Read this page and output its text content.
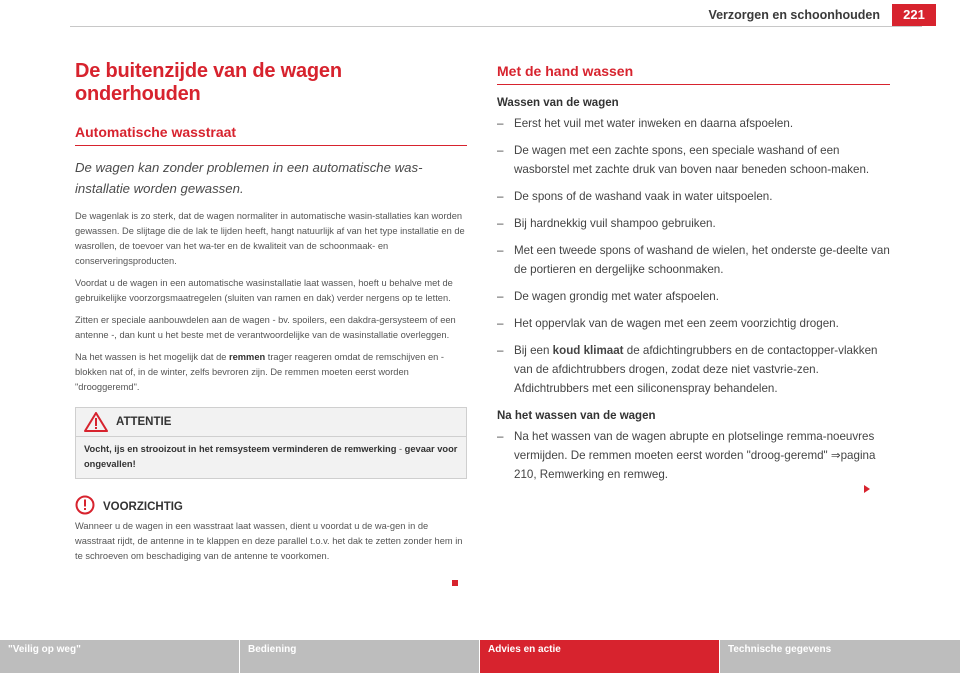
Verzorgen en schoonhouden	221
De buitenzijde van de wagen onderhouden
Automatische wasstraat

De wagen kan zonder problemen in een automatische was-installatie worden gewassen.

De wagenlak is zo sterk, dat de wagen normaliter in automatische wasin-stallaties kan worden gewassen. De slijtage die de lak te lijden heeft, hangt natuurlijk af van het type installatie en de wasrollen, de toevoer van het wa-ter en de kwaliteit van de schoonmaak- en conserveringsproducten.

Voordat u de wagen in een automatische wasinstallatie laat wassen, hoeft u behalve met de gebruikelijke voorzorgsmaatregelen (sluiten van ramen en dak) verder nergens op te letten.

Zitten er speciale aanbouwdelen aan de wagen - bv. spoilers, een dakdra-gersysteem of een antenne -, dan kunt u het beste met de verantwoordelijke van de wasinstallatie overleggen.

Na het wassen is het mogelijk dat de remmen trager reageren omdat de remschijven en -blokken nat of, in de winter, zelfs bevroren zijn. De remmen moeten eerst worden "drooggeremd".

ATTENTIE
Vocht, ijs en strooizout in het remsysteem verminderen de remwerking - gevaar voor ongevallen!
VOORZICHTIG
Wanneer u de wagen in een wasstraat laat wassen, dient u voordat u de wa-gen in de wasstraat rijdt, de antenne in te klappen en deze parallel t.o.v. het dak te zetten zonder hem in te schroeven om beschadiging van de antenne te voorkomen.
Met de hand wassen
Wassen van de wagen
– Eerst het vuil met water inweken en daarna afspoelen.
– De wagen met een zachte spons, een speciale washand of een wasborstel met zachte druk van boven naar beneden schoon-maken.
– De spons of de washand vaak in water uitspoelen.
– Bij hardnekkig vuil shampoo gebruiken.
– Met een tweede spons of washand de wielen, het onderste ge-deelte van de portieren en dergelijke schoonmaken.
– De wagen grondig met water afspoelen.
– Het oppervlak van de wagen met een zeem voorzichtig drogen.
– Bij een koud klimaat de afdichtingrubbers en de contactopper-vlakken van de afdichtrubbers drogen, zodat deze niet vastvrie-zen. Afdichtrubbers met een siliconenspray behandelen.
Na het wassen van de wagen
– Na het wassen van de wagen abrupte en plotselinge remma-noeuvres vermijden. De remmen moeten eerst worden "droog-geremd" ⇒pagina 210, Remwerking en remweg.
"Veilig op weg"	Bediening	Advies en actie	Technische gegevens
